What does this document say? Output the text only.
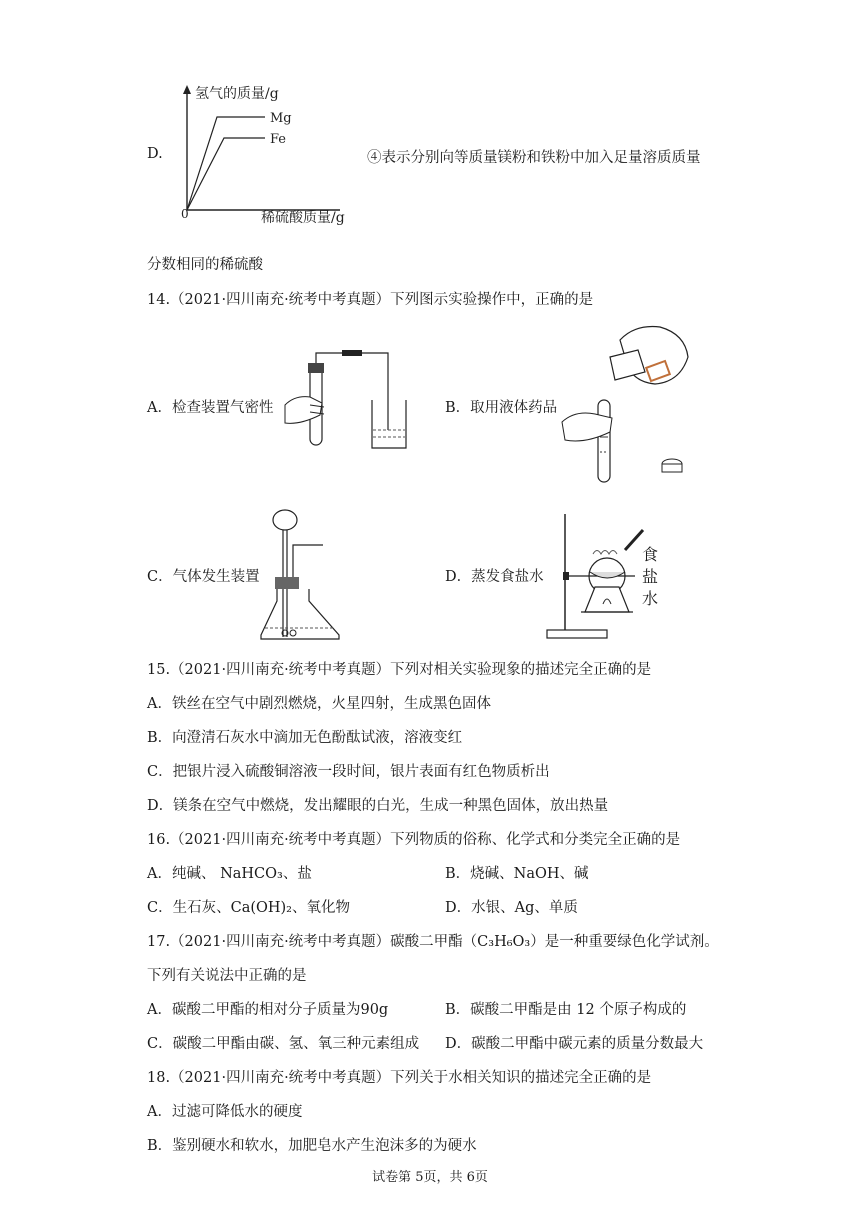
D.
氢气的质量/g
Mg
Fe
0	稀硫酸质量/g
④表示分别向等质量镁粉和铁粉中加入足量溶质质量
分数相同的稀硫酸
14.（2021·四川南充·统考中考真题）下列图示实验操作中，正确的是
A．检查装置气密性	B．取用液体药品
C．气体发生装置	D．蒸发食盐水
食
盐
水
15.（2021·四川南充·统考中考真题）下列对相关实验现象的描述完全正确的是
A．铁丝在空气中剧烈燃烧，火星四射，生成黑色固体
B．向澄清石灰水中滴加无色酚酞试液，溶液变红
C．把银片浸入硫酸铜溶液一段时间，银片表面有红色物质析出
D．镁条在空气中燃烧，发出耀眼的白光，生成一种黑色固体，放出热量
16.（2021·四川南充·统考中考真题）下列物质的俗称、化学式和分类完全正确的是
A．纯碱、 NaHCO₃、盐	B．烧碱、NaOH、碱
C．生石灰、Ca(OH)₂、氧化物	D．水银、Ag、单质
17.（2021·四川南充·统考中考真题）碳酸二甲酯（C₃H₆O₃）是一种重要绿色化学试剂。
下列有关说法中正确的是
A．碳酸二甲酯的相对分子质量为90g	B．碳酸二甲酯是由 12 个原子构成的
C．碳酸二甲酯由碳、氢、氧三种元素组成 D．碳酸二甲酯中碳元素的质量分数最大
18.（2021·四川南充·统考中考真题）下列关于水相关知识的描述完全正确的是
A．过滤可降低水的硬度
B．鉴别硬水和软水，加肥皂水产生泡沫多的为硬水
试卷第 5页，共 6页
